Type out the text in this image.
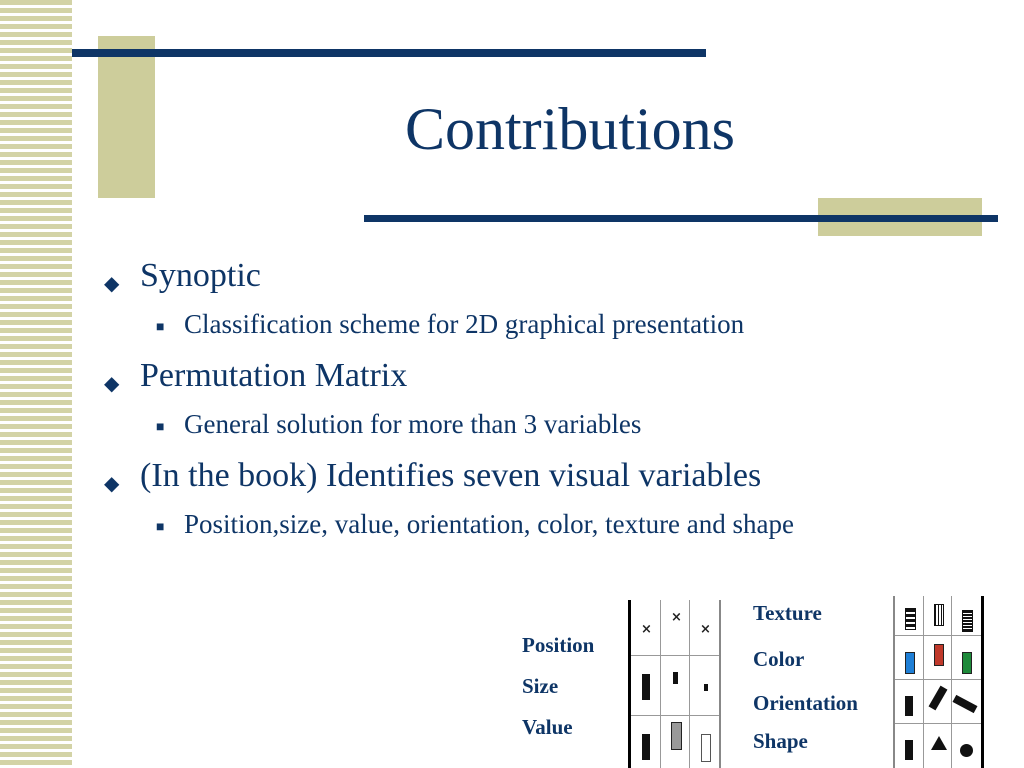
Contributions
◆ Synoptic
■ Classification scheme for 2D graphical presentation
◆ Permutation Matrix
■ General solution for more than 3 variables
◆ (In the book) Identifies seven visual variables
■ Position,size, value, orientation, color, texture and shape
Position
Size
Value
×
×
×
Texture
Color
Orientation
Shape
